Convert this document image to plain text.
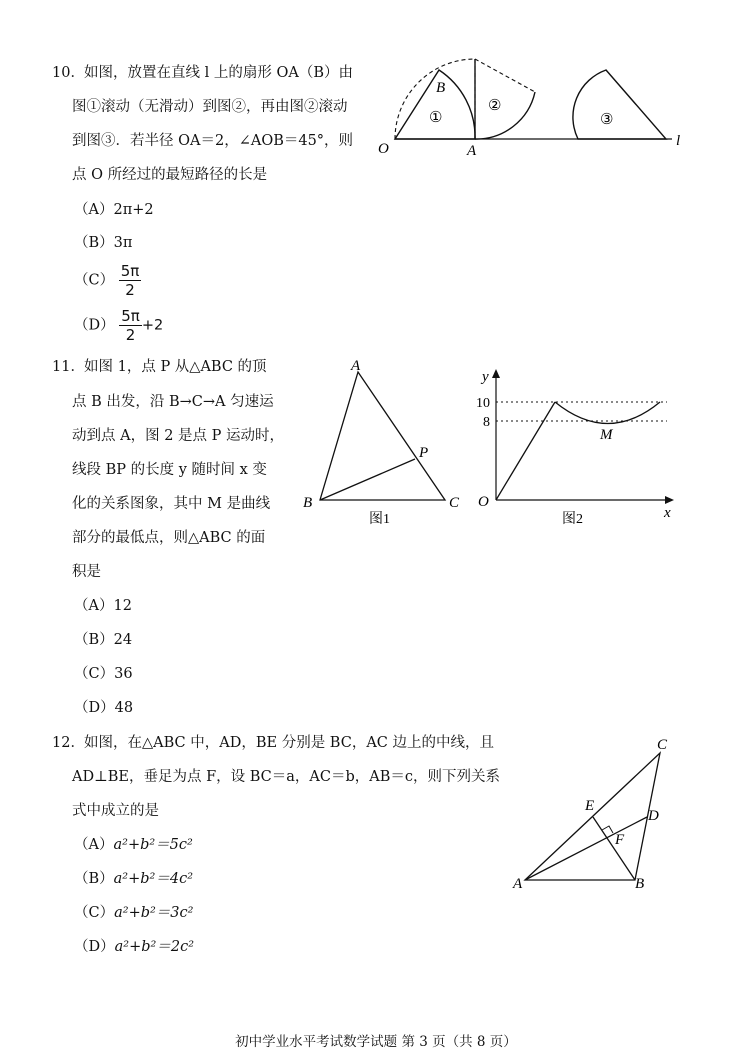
10． 如图，放置在直线 l 上的扇形 OA（B）由
图①滚动（无滑动）到图②，再由图②滚动
到图③．若半径 OA＝2，∠AOB＝45°，则
点 O 所经过的最短路径的长是
（A）2π+2
（B）3π
$(C) \frac{5\pi}{2}$
$(D) \frac{5\pi}{2} +2$
O	A
B
l
①
②
③
11． 如图 1，点 P 从△ABC 的顶
点 B 出发，沿 B→C→A 匀速运
动到点 A，图 2 是点 P 运动时，
线段 BP 的长度 y 随时间 x 变
化的关系图象，其中 M 是曲线
部分的最低点，则△ABC 的面
积是
（A）12
（B）24
（C）36
（D）48
A
B	C
P
图1
y
x
O
10
8
M
图2
12． 如图，在△ABC 中，AD，BE 分别是 BC，AC 边上的中线，且
AD⊥BE，垂足为点 F，设 BC＝a，AC＝b，AB＝c，则下列关系
式中成立的是
（A）a²+b²＝5c²
（B）a²+b²＝4c²
（C）a²+b²＝3c²
（D）a²+b²＝2c²
A	B
C
D
E
F
初中学业水平考试数学试题 第 3 页（共 8 页）
